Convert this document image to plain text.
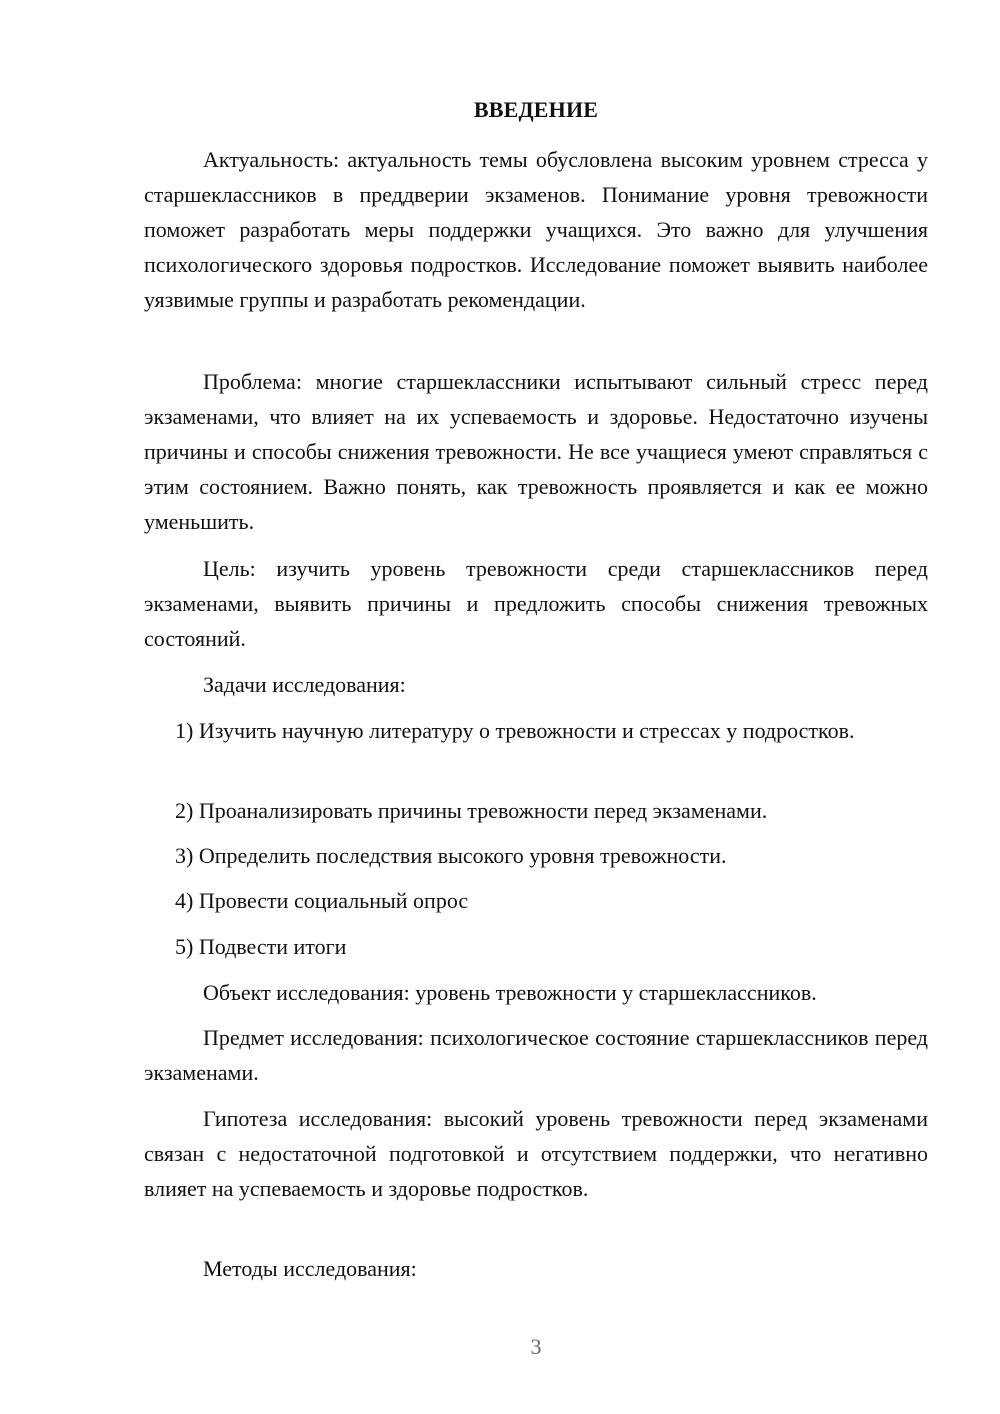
ВВЕДЕНИЕ

Актуальность: актуальность темы обусловлена высоким уровнем стресса у старшеклассников в преддверии экзаменов. Понимание уровня тревожности поможет разработать меры поддержки учащихся. Это важно для улучшения психологического здоровья подростков. Исследование поможет выявить наиболее уязвимые группы и разработать рекомендации.

Проблема: многие старшеклассники испытывают сильный стресс перед экзаменами, что влияет на их успеваемость и здоровье. Недостаточно изучены причины и способы снижения тревожности. Не все учащиеся умеют справляться с этим состоянием. Важно понять, как тревожность проявляется и как ее можно уменьшить.

Цель: изучить уровень тревожности среди старшеклассников перед экзаменами, выявить причины и предложить способы снижения тревожных состояний.

Задачи исследования:

1) Изучить научную литературу о тревожности и стрессах у подростков.

2) Проанализировать причины тревожности перед экзаменами.
3) Определить последствия высокого уровня тревожности.
4) Провести социальный опрос
5) Подвести итоги
Объект исследования: уровень тревожности у старшеклассников.

Предмет исследования: психологическое состояние старшеклассников перед экзаменами.

Гипотеза исследования: высокий уровень тревожности перед экзаменами связан с недостаточной подготовкой и отсутствием поддержки, что негативно влияет на успеваемость и здоровье подростков.

Методы исследования:
3
